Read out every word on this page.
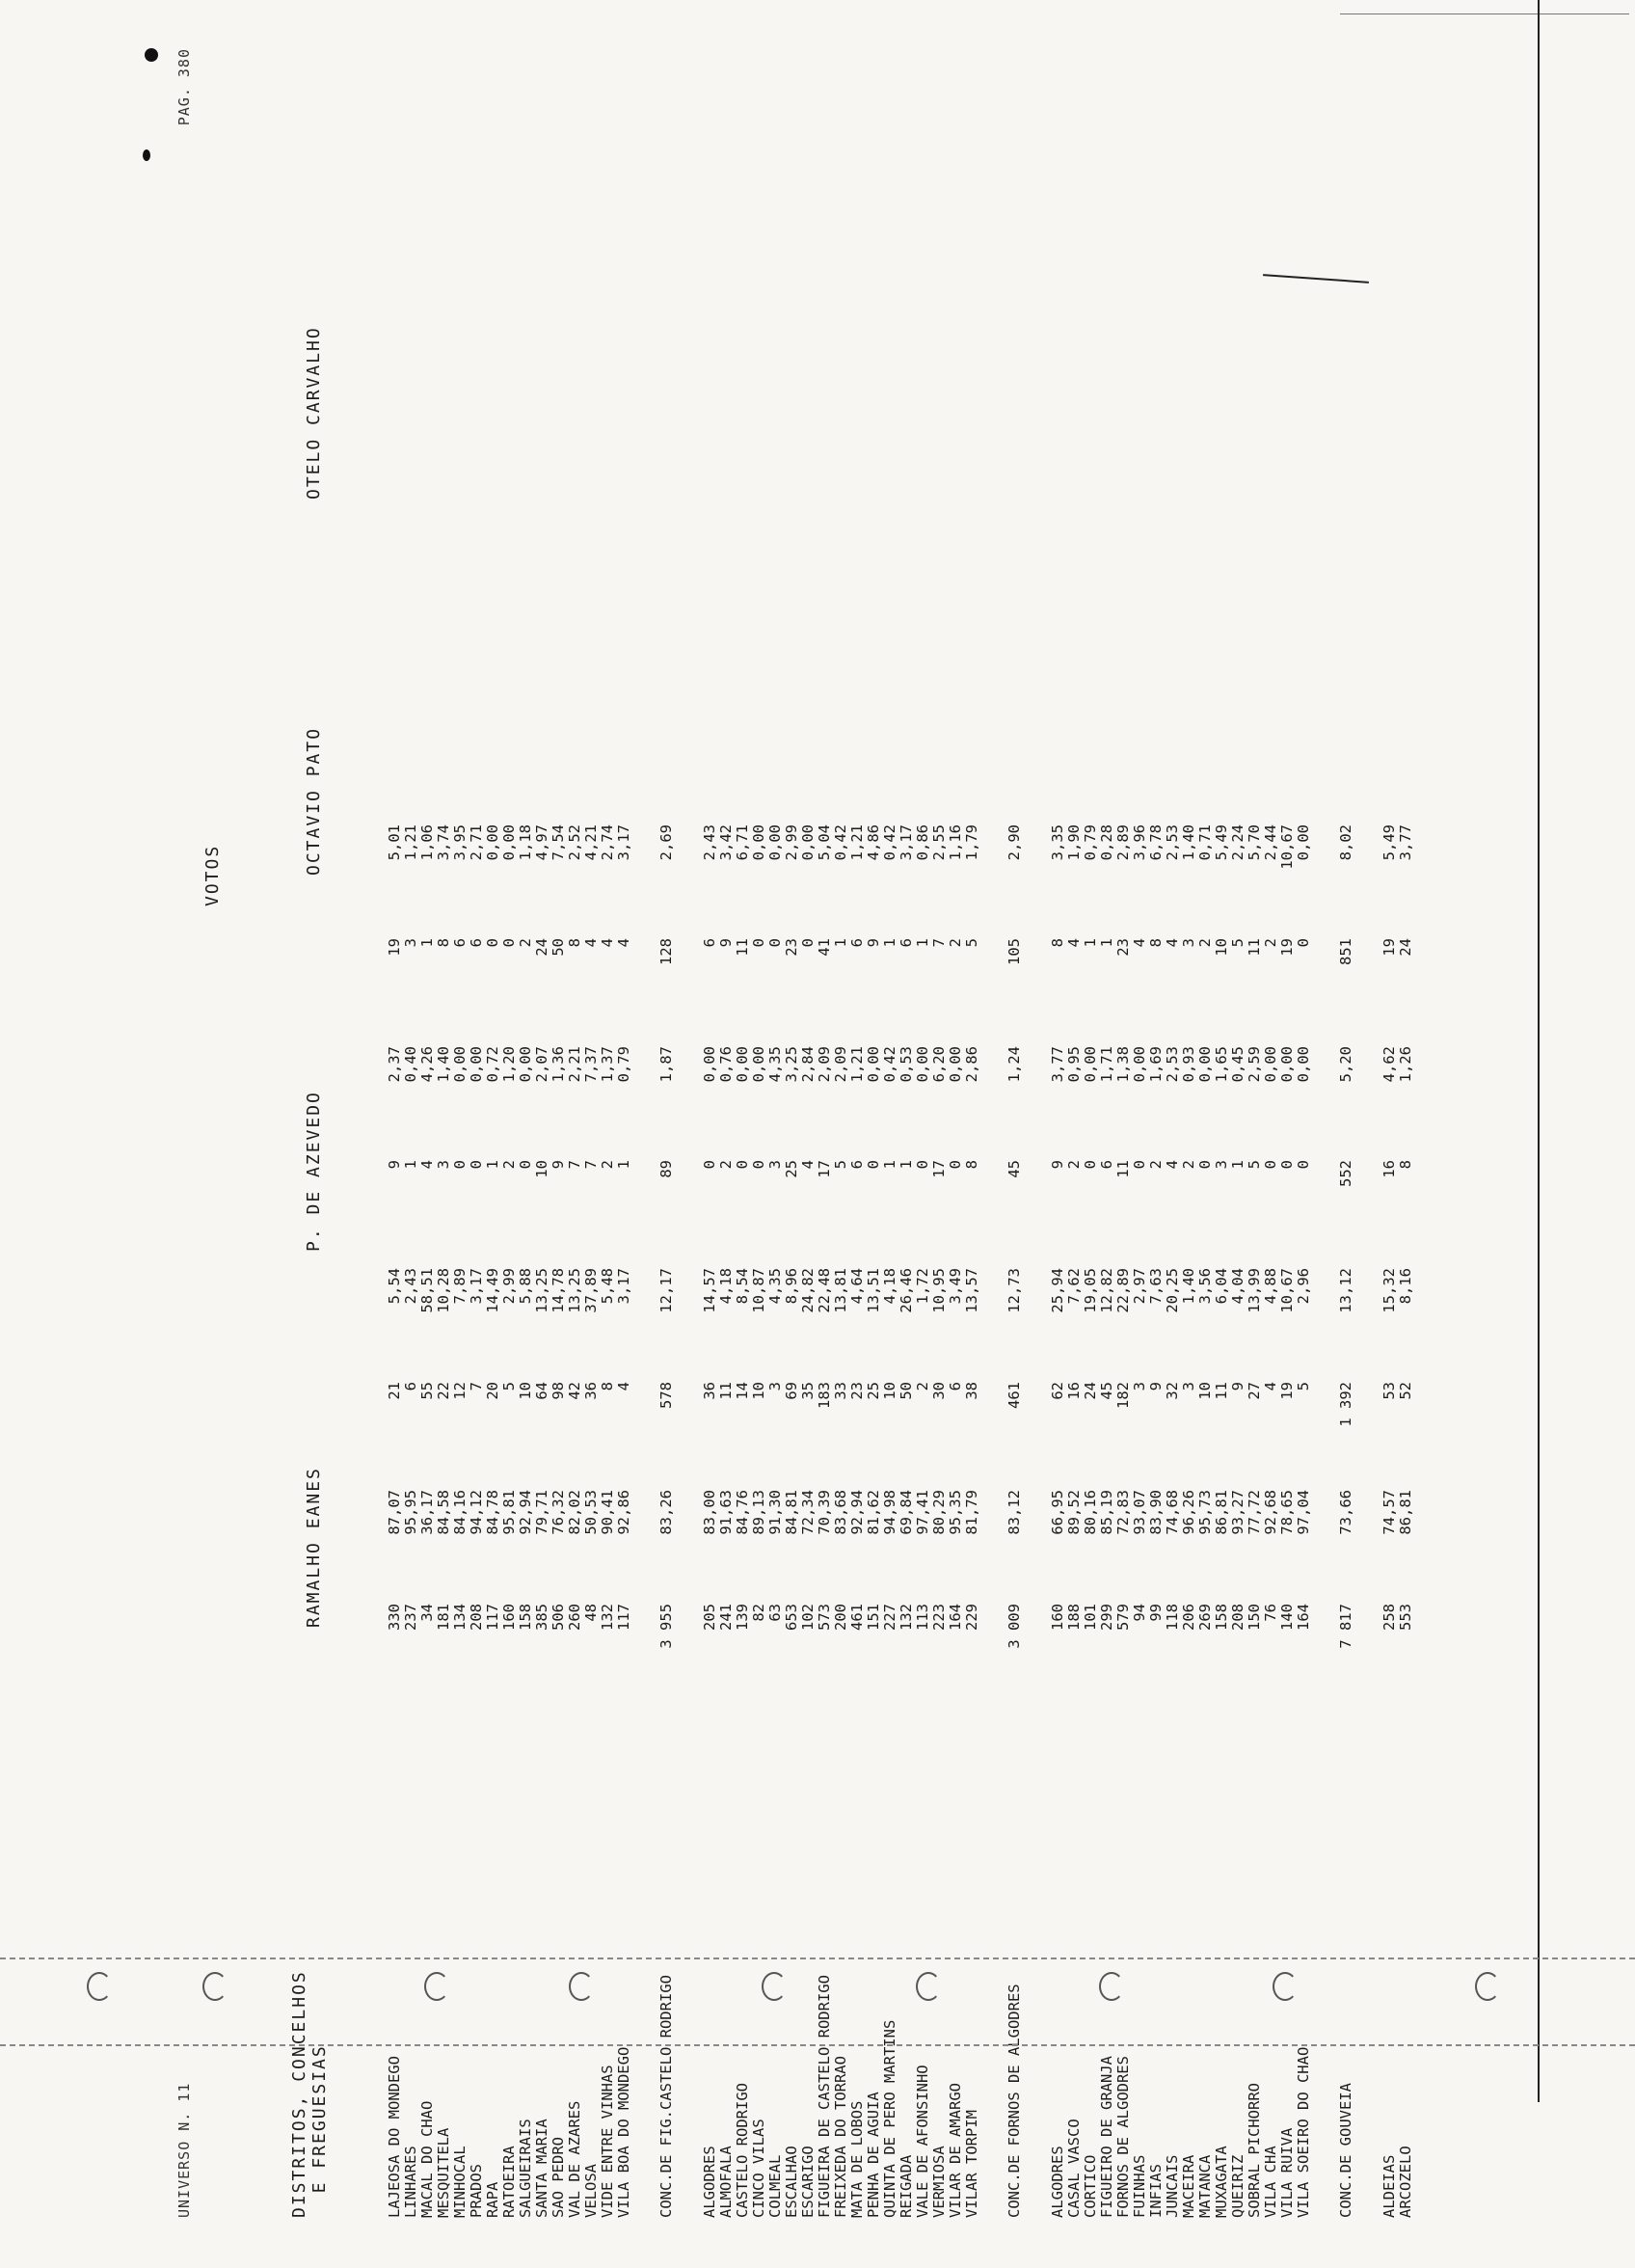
UNIVERSO N. 11
PAG. 380
VOTOS
DISTRITOS, CONCELHOS
E FREGUESIAS
RAMALHO EANES
P. DE AZEVEDO
OCTAVIO PATO
OTELO CARVALHO
LAJEOSA DO MONDEGO	330	87,07		21	5,54		9	2,37		19	5,01
LINHARES	237	95,95		6	2,43		1	0,40		3	1,21
MACAL DO CHAO	34	36,17		55	58,51		4	4,26		1	1,06
MESQUITELA	181	84,58		22	10,28		3	1,40		8	3,74
MINHOCAL	134	84,16		12	7,89		0	0,00		6	3,95
PRADOS	208	94,12		7	3,17		0	0,00		6	2,71
RAPA	117	84,78		20	14,49		1	0,72		0	0,00
RATOEIRA	160	95,81		5	2,99		2	1,20		0	0,00
SALGUEIRAIS	158	92,94		10	5,88		0	0,00		2	1,18
SANTA MARIA	385	79,71		64	13,25		10	2,07		24	4,97
SAO PEDRO	506	76,32		98	14,78		9	1,36		50	7,54
VAL DE AZARES	260	82,02		42	13,25		7	2,21		8	2,52
VELOSA	48	50,53		36	37,89		7	7,37		4	4,21
VIDE ENTRE VINHAS	132	90,41		8	5,48		2	1,37		4	2,74
VILA BOA DO MONDEGO	117	92,86		4	3,17		1	0,79		4	3,17

CONC.DE FIG.CASTELO RODRIGO	3 955	83,26		578	12,17		89	1,87		128	2,69

ALGODRES	205	83,00		36	14,57		0	0,00		6	2,43
ALMOFALA	241	91,63		11	4,18		2	0,76		9	3,42
CASTELO RODRIGO	139	84,76		14	8,54		0	0,00		11	6,71
CINCO VILAS	82	89,13		10	10,87		0	0,00		0	0,00
COLMEAL	63	91,30		3	4,35		3	4,35		0	0,00
ESCALHAO	653	84,81		69	8,96		25	3,25		23	2,99
ESCARIGO	102	72,34		35	24,82		4	2,84		0	0,00
FIGUEIRA DE CASTELO RODRIGO	573	70,39		183	22,48		17	2,09		41	5,04
FREIXEDA DO TORRAO	200	83,68		33	13,81		5	2,09		1	0,42
MATA DE LOBOS	461	92,94		23	4,64		6	1,21		6	1,21
PENHA DE AGUIA	151	81,62		25	13,51		0	0,00		9	4,86
QUINTA DE PERO MARTINS	227	94,98		10	4,18		1	0,42		1	0,42
REIGADA	132	69,84		50	26,46		1	0,53		6	3,17
VALE DE AFONSINHO	113	97,41		2	1,72		0	0,00		1	0,86
VERMIOSA	223	80,29		30	10,95		17	6,20		7	2,55
VILAR DE AMARGO	164	95,35		6	3,49		0	0,00		2	1,16
VILAR TORPIM	229	81,79		38	13,57		8	2,86		5	1,79

CONC.DE FORNOS DE ALGODRES	3 009	83,12		461	12,73		45	1,24		105	2,90

ALGODRES	160	66,95		62	25,94		9	3,77		8	3,35
CASAL VASCO	188	89,52		16	7,62		2	0,95		4	1,90
CORTICO	101	80,16		24	19,05		0	0,00		1	0,79
FIGUEIRO DE GRANJA	299	85,19		45	12,82		6	1,71		1	0,28
FORNOS DE ALGODRES	579	72,83		182	22,89		11	1,38		23	2,89
FUINHAS	94	93,07		3	2,97		0	0,00		4	3,96
INFIAS	99	83,90		9	7,63		2	1,69		8	6,78
JUNCAIS	118	74,68		32	20,25		4	2,53		4	2,53
MACEIRA	206	96,26		3	1,40		2	0,93		3	1,40
MATANCA	269	95,73		10	3,56		0	0,00		2	0,71
MUXAGATA	158	86,81		11	6,04		3	1,65		10	5,49
QUEIRIZ	208	93,27		9	4,04		1	0,45		5	2,24
SOBRAL PICHORRO	150	77,72		27	13,99		5	2,59		11	5,70
VILA CHA	76	92,68		4	4,88		0	0,00		2	2,44
VILA RUIVA	140	78,65		19	10,67		0	0,00		19	10,67
VILA SOEIRO DO CHAO	164	97,04		5	2,96		0	0,00		0	0,00

CONC.DE GOUVEIA	7 817	73,66		1 392	13,12		552	5,20		851	8,02

ALDEIAS	258	74,57		53	15,32		16	4,62		19	5,49
ARCOZELO	553	86,81		52	8,16		8	1,26		24	3,77
